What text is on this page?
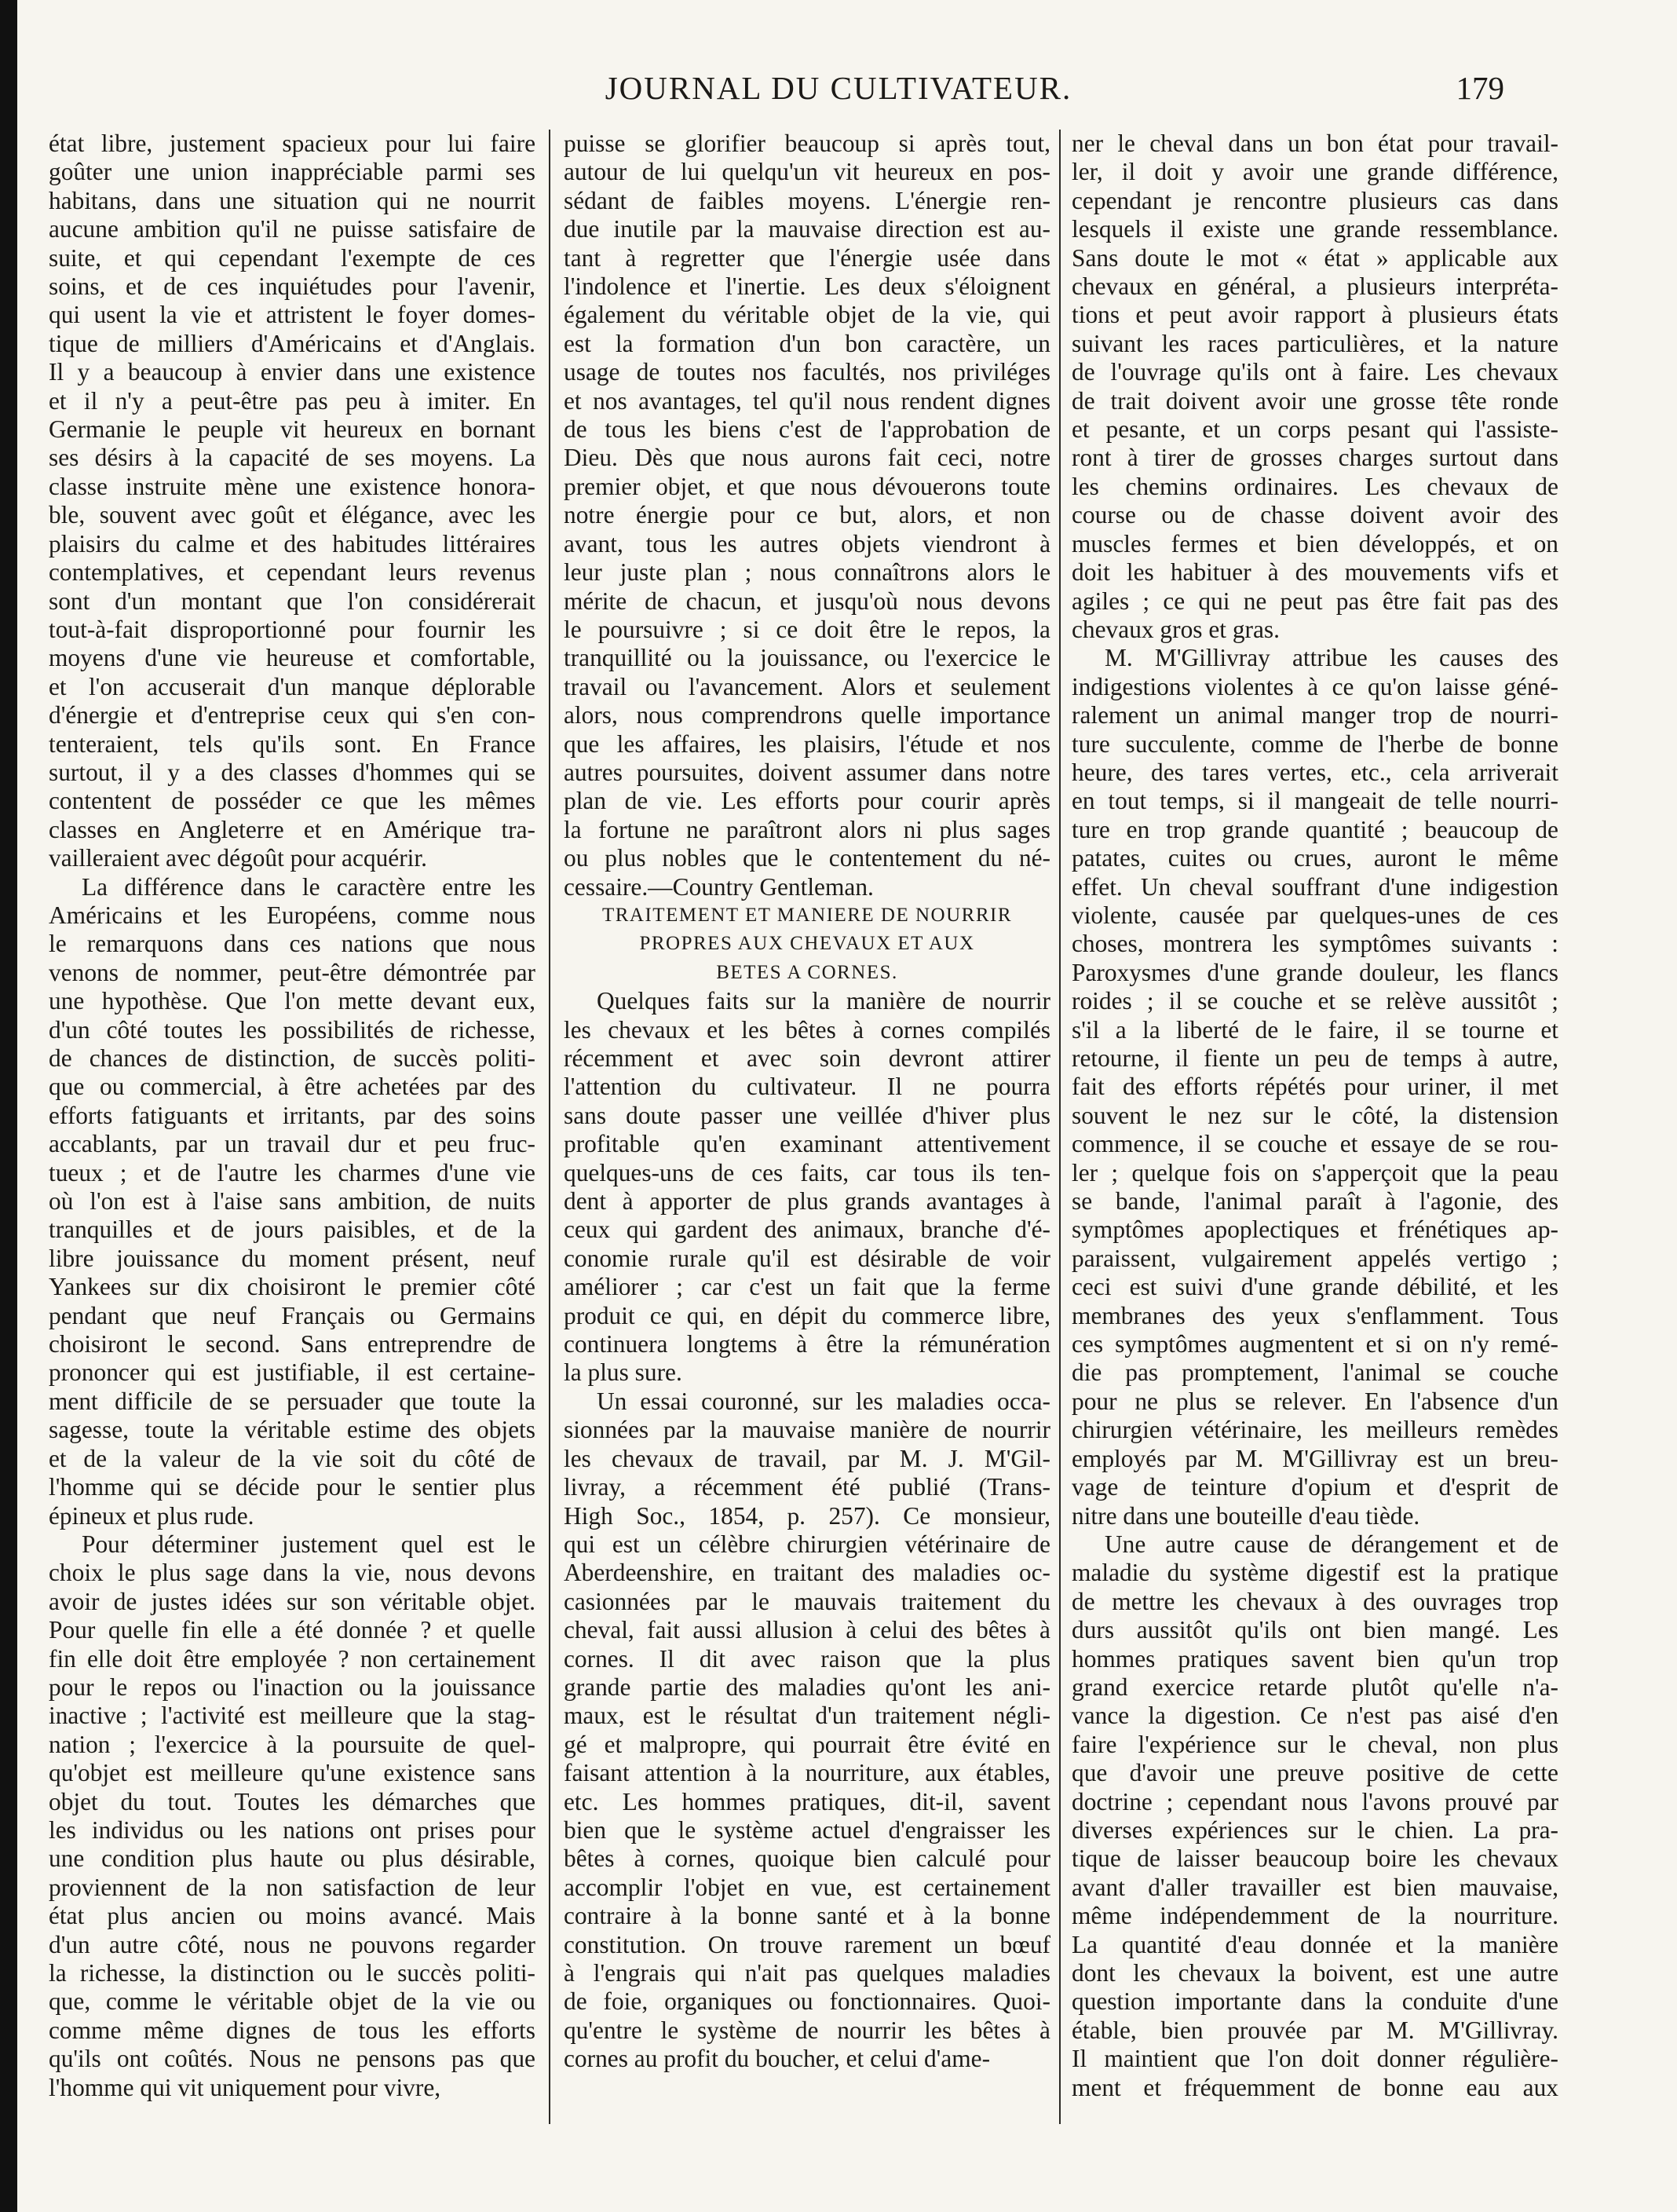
JOURNAL DU CULTIVATEUR.	179

état libre, justement spacieux pour lui faire

goûter une union inappréciable parmi ses

habitans, dans une situation qui ne nourrit

aucune ambition qu'il ne puisse satisfaire de

suite, et qui cependant l'exempte de ces

soins, et de ces inquiétudes pour l'avenir,

qui usent la vie et attristent le foyer domes-

tique de milliers d'Américains et d'Anglais.

Il y a beaucoup à envier dans une existence

et il n'y a peut-être pas peu à imiter. En

Germanie le peuple vit heureux en bornant

ses désirs à la capacité de ses moyens. La

classe instruite mène une existence honora-

ble, souvent avec goût et élégance, avec les

plaisirs du calme et des habitudes littéraires

contemplatives, et cependant leurs revenus

sont d'un montant que l'on considérerait

tout-à-fait disproportionné pour fournir les

moyens d'une vie heureuse et comfortable,

et l'on accuserait d'un manque déplorable

d'énergie et d'entreprise ceux qui s'en con-

tenteraient, tels qu'ils sont. En France

surtout, il y a des classes d'hommes qui se

contentent de posséder ce que les mêmes

classes en Angleterre et en Amérique tra-

vailleraient avec dégoût pour acquérir.

La différence dans le caractère entre les

Américains et les Européens, comme nous

le remarquons dans ces nations que nous

venons de nommer, peut-être démontrée par

une hypothèse. Que l'on mette devant eux,

d'un côté toutes les possibilités de richesse,

de chances de distinction, de succès politi-

que ou commercial, à être achetées par des

efforts fatiguants et irritants, par des soins

accablants, par un travail dur et peu fruc-

tueux ; et de l'autre les charmes d'une vie

où l'on est à l'aise sans ambition, de nuits

tranquilles et de jours paisibles, et de la

libre jouissance du moment présent, neuf

Yankees sur dix choisiront le premier côté

pendant que neuf Français ou Germains

choisiront le second. Sans entreprendre de

prononcer qui est justifiable, il est certaine-

ment difficile de se persuader que toute la

sagesse, toute la véritable estime des objets

et de la valeur de la vie soit du côté de

l'homme qui se décide pour le sentier plus

épineux et plus rude.

Pour déterminer justement quel est le

choix le plus sage dans la vie, nous devons

avoir de justes idées sur son véritable objet.

Pour quelle fin elle a été donnée ? et quelle

fin elle doit être employée ? non certainement

pour le repos ou l'inaction ou la jouissance

inactive ; l'activité est meilleure que la stag-

nation ; l'exercice à la poursuite de quel-

qu'objet est meilleure qu'une existence sans

objet du tout. Toutes les démarches que

les individus ou les nations ont prises pour

une condition plus haute ou plus désirable,

proviennent de la non satisfaction de leur

état plus ancien ou moins avancé. Mais

d'un autre côté, nous ne pouvons regarder

la richesse, la distinction ou le succès politi-

que, comme le véritable objet de la vie ou

comme même dignes de tous les efforts

qu'ils ont coûtés. Nous ne pensons pas que

l'homme qui vit uniquement pour vivre,

puisse se glorifier beaucoup si après tout,

autour de lui quelqu'un vit heureux en pos-

sédant de faibles moyens. L'énergie ren-

due inutile par la mauvaise direction est au-

tant à regretter que l'énergie usée dans

l'indolence et l'inertie. Les deux s'éloignent

également du véritable objet de la vie, qui

est la formation d'un bon caractère, un

usage de toutes nos facultés, nos priviléges

et nos avantages, tel qu'il nous rendent dignes

de tous les biens c'est de l'approbation de

Dieu. Dès que nous aurons fait ceci, notre

premier objet, et que nous dévouerons toute

notre énergie pour ce but, alors, et non

avant, tous les autres objets viendront à

leur juste plan ; nous connaîtrons alors le

mérite de chacun, et jusqu'où nous devons

le poursuivre ; si ce doit être le repos, la

tranquillité ou la jouissance, ou l'exercice le

travail ou l'avancement. Alors et seulement

alors, nous comprendrons quelle importance

que les affaires, les plaisirs, l'étude et nos

autres poursuites, doivent assumer dans notre

plan de vie. Les efforts pour courir après

la fortune ne paraîtront alors ni plus sages

ou plus nobles que le contentement du né-

cessaire.—Country Gentleman.

TRAITEMENT ET MANIERE DE NOURRIR

PROPRES AUX CHEVAUX ET AUX

BETES A CORNES.

Quelques faits sur la manière de nourrir

les chevaux et les bêtes à cornes compilés

récemment et avec soin devront attirer

l'attention du cultivateur. Il ne pourra

sans doute passer une veillée d'hiver plus

profitable qu'en examinant attentivement

quelques-uns de ces faits, car tous ils ten-

dent à apporter de plus grands avantages à

ceux qui gardent des animaux, branche d'é-

conomie rurale qu'il est désirable de voir

améliorer ; car c'est un fait que la ferme

produit ce qui, en dépit du commerce libre,

continuera longtems à être la rémunération

la plus sure.

Un essai couronné, sur les maladies occa-

sionnées par la mauvaise manière de nourrir

les chevaux de travail, par M. J. M'Gil-

livray, a récemment été publié (Trans-

High Soc., 1854, p. 257). Ce monsieur,

qui est un célèbre chirurgien vétérinaire de

Aberdeenshire, en traitant des maladies oc-

casionnées par le mauvais traitement du

cheval, fait aussi allusion à celui des bêtes à

cornes. Il dit avec raison que la plus

grande partie des maladies qu'ont les ani-

maux, est le résultat d'un traitement négli-

gé et malpropre, qui pourrait être évité en

faisant attention à la nourriture, aux étables,

etc. Les hommes pratiques, dit-il, savent

bien que le système actuel d'engraisser les

bêtes à cornes, quoique bien calculé pour

accomplir l'objet en vue, est certainement

contraire à la bonne santé et à la bonne

constitution. On trouve rarement un bœuf

à l'engrais qui n'ait pas quelques maladies

de foie, organiques ou fonctionnaires. Quoi-

qu'entre le système de nourrir les bêtes à

cornes au profit du boucher, et celui d'ame-

ner le cheval dans un bon état pour travail-

ler, il doit y avoir une grande différence,

cependant je rencontre plusieurs cas dans

lesquels il existe une grande ressemblance.

Sans doute le mot « état » applicable aux

chevaux en général, a plusieurs interpréta-

tions et peut avoir rapport à plusieurs états

suivant les races particulières, et la nature

de l'ouvrage qu'ils ont à faire. Les chevaux

de trait doivent avoir une grosse tête ronde

et pesante, et un corps pesant qui l'assiste-

ront à tirer de grosses charges surtout dans

les chemins ordinaires. Les chevaux de

course ou de chasse doivent avoir des

muscles fermes et bien développés, et on

doit les habituer à des mouvements vifs et

agiles ; ce qui ne peut pas être fait pas des

chevaux gros et gras.

M. M'Gillivray attribue les causes des

indigestions violentes à ce qu'on laisse géné-

ralement un animal manger trop de nourri-

ture succulente, comme de l'herbe de bonne

heure, des tares vertes, etc., cela arriverait

en tout temps, si il mangeait de telle nourri-

ture en trop grande quantité ; beaucoup de

patates, cuites ou crues, auront le même

effet. Un cheval souffrant d'une indigestion

violente, causée par quelques-unes de ces

choses, montrera les symptômes suivants :

Paroxysmes d'une grande douleur, les flancs

roides ; il se couche et se relève aussitôt ;

s'il a la liberté de le faire, il se tourne et

retourne, il fiente un peu de temps à autre,

fait des efforts répétés pour uriner, il met

souvent le nez sur le côté, la distension

commence, il se couche et essaye de se rou-

ler ; quelque fois on s'apperçoit que la peau

se bande, l'animal paraît à l'agonie, des

symptômes apoplectiques et frénétiques ap-

paraissent, vulgairement appelés vertigo ;

ceci est suivi d'une grande débilité, et les

membranes des yeux s'enflamment. Tous

ces symptômes augmentent et si on n'y remé-

die pas promptement, l'animal se couche

pour ne plus se relever. En l'absence d'un

chirurgien vétérinaire, les meilleurs remèdes

employés par M. M'Gillivray est un breu-

vage de teinture d'opium et d'esprit de

nitre dans une bouteille d'eau tiède.

Une autre cause de dérangement et de

maladie du système digestif est la pratique

de mettre les chevaux à des ouvrages trop

durs aussitôt qu'ils ont bien mangé. Les

hommes pratiques savent bien qu'un trop

grand exercice retarde plutôt qu'elle n'a-

vance la digestion. Ce n'est pas aisé d'en

faire l'expérience sur le cheval, non plus

que d'avoir une preuve positive de cette

doctrine ; cependant nous l'avons prouvé par

diverses expériences sur le chien. La pra-

tique de laisser beaucoup boire les chevaux

avant d'aller travailler est bien mauvaise,

même indépendemment de la nourriture.

La quantité d'eau donnée et la manière

dont les chevaux la boivent, est une autre

question importante dans la conduite d'une

étable, bien prouvée par M. M'Gillivray.

Il maintient que l'on doit donner régulière-

ment et fréquemment de bonne eau aux
